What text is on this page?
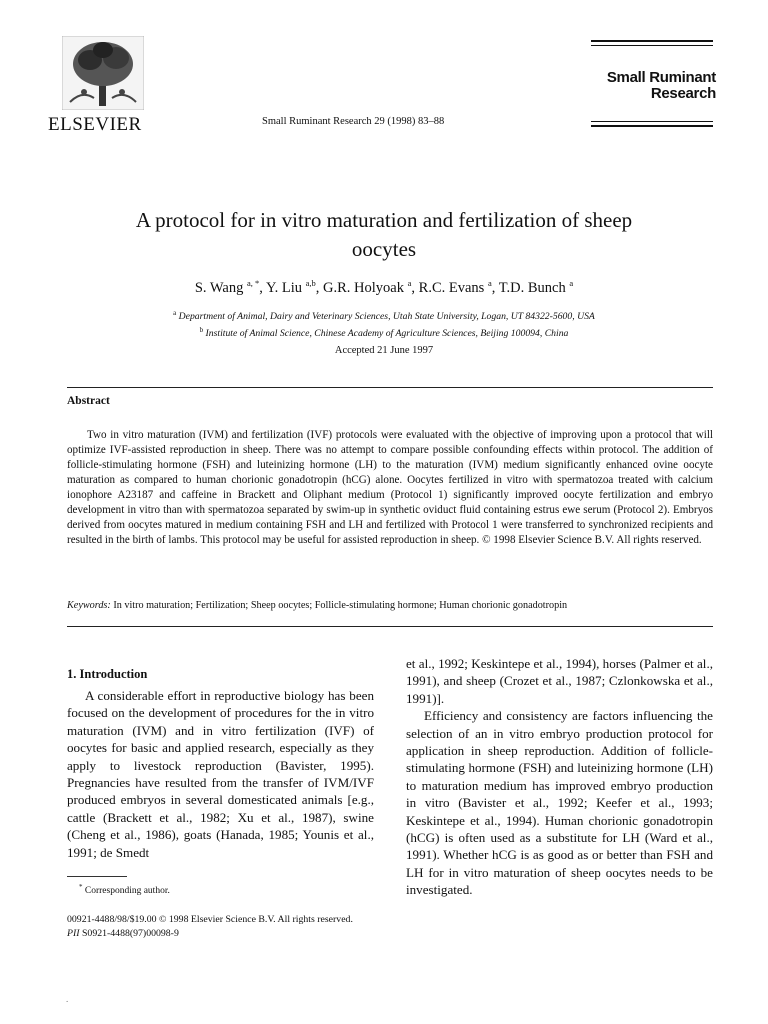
ELSEVIER	Small Ruminant Research 29 (1998) 83–88
Small Ruminant
Research
A protocol for in vitro maturation and fertilization of sheep
oocytes
S. Wang $^{a, *}$, Y. Liu $^{a,b}$, G.R. Holyoak $^a$, R.C. Evans $^a$, T.D. Bunch $^a$
$^a$ Department of Animal, Dairy and Veterinary Sciences, Utah State University, Logan, UT 84322-5600, USA
$^b$ Institute of Animal Science, Chinese Academy of Agriculture Sciences, Beijing 100094, China
Accepted 21 June 1997
Abstract
Two in vitro maturation (IVM) and fertilization (IVF) protocols were evaluated with the objective of improving upon a protocol that will optimize IVF-assisted reproduction in sheep. There was no attempt to compare possible confounding effects within protocol. The addition of follicle-stimulating hormone (FSH) and luteinizing hormone (LH) to the maturation (IVM) medium significantly enhanced ovine oocyte maturation as compared to human chorionic gonadotropin (hCG) alone. Oocytes fertilized in vitro with spermatozoa treated with calcium ionophore A23187 and caffeine in Brackett and Oliphant medium (Protocol 1) significantly improved oocyte fertilization and embryo development in vitro than with spermatozoa separated by swim-up in synthetic oviduct fluid containing estrus ewe serum (Protocol 2). Embryos derived from oocytes matured in medium containing FSH and LH and fertilized with Protocol 1 were transferred to synchronized recipients and resulted in the birth of lambs. This protocol may be useful for assisted reproduction in sheep. © 1998 Elsevier Science B.V. All rights reserved.
Keywords: In vitro maturation; Fertilization; Sheep oocytes; Follicle-stimulating hormone; Human chorionic gonadotropin
1. Introduction

A considerable effort in reproductive biology has been focused on the development of procedures for the in vitro maturation (IVM) and in vitro fertilization (IVF) of oocytes for basic and applied research, especially as they apply to livestock reproduction (Bavister, 1995). Pregnancies have resulted from the transfer of IVM/IVF produced embryos in several domesticated animals [e.g., cattle (Brackett et al., 1982; Xu et al., 1987), swine (Cheng et al., 1986), goats (Hanada, 1985; Younis et al., 1991; de Smedt

et al., 1992; Keskintepe et al., 1994), horses (Palmer et al., 1991), and sheep (Crozet et al., 1987; Czlonkowska et al., 1991)].

Efficiency and consistency are factors influencing the selection of an in vitro embryo production protocol for application in sheep reproduction. Addition of follicle-stimulating hormone (FSH) and luteinizing hormone (LH) to maturation medium has improved embryo production in vitro (Bavister et al., 1992; Keefer et al., 1993; Keskintepe et al., 1994). Human chorionic gonadotropin (hCG) is often used as a substitute for LH (Ward et al., 1991). Whether hCG is as good as or better than FSH and LH for in vitro maturation of sheep oocytes needs to be investigated.

* Corresponding author.
00921-4488/98/$19.00 © 1998 Elsevier Science B.V. All rights reserved.
PII S0921-4488(97)00098-9
.
